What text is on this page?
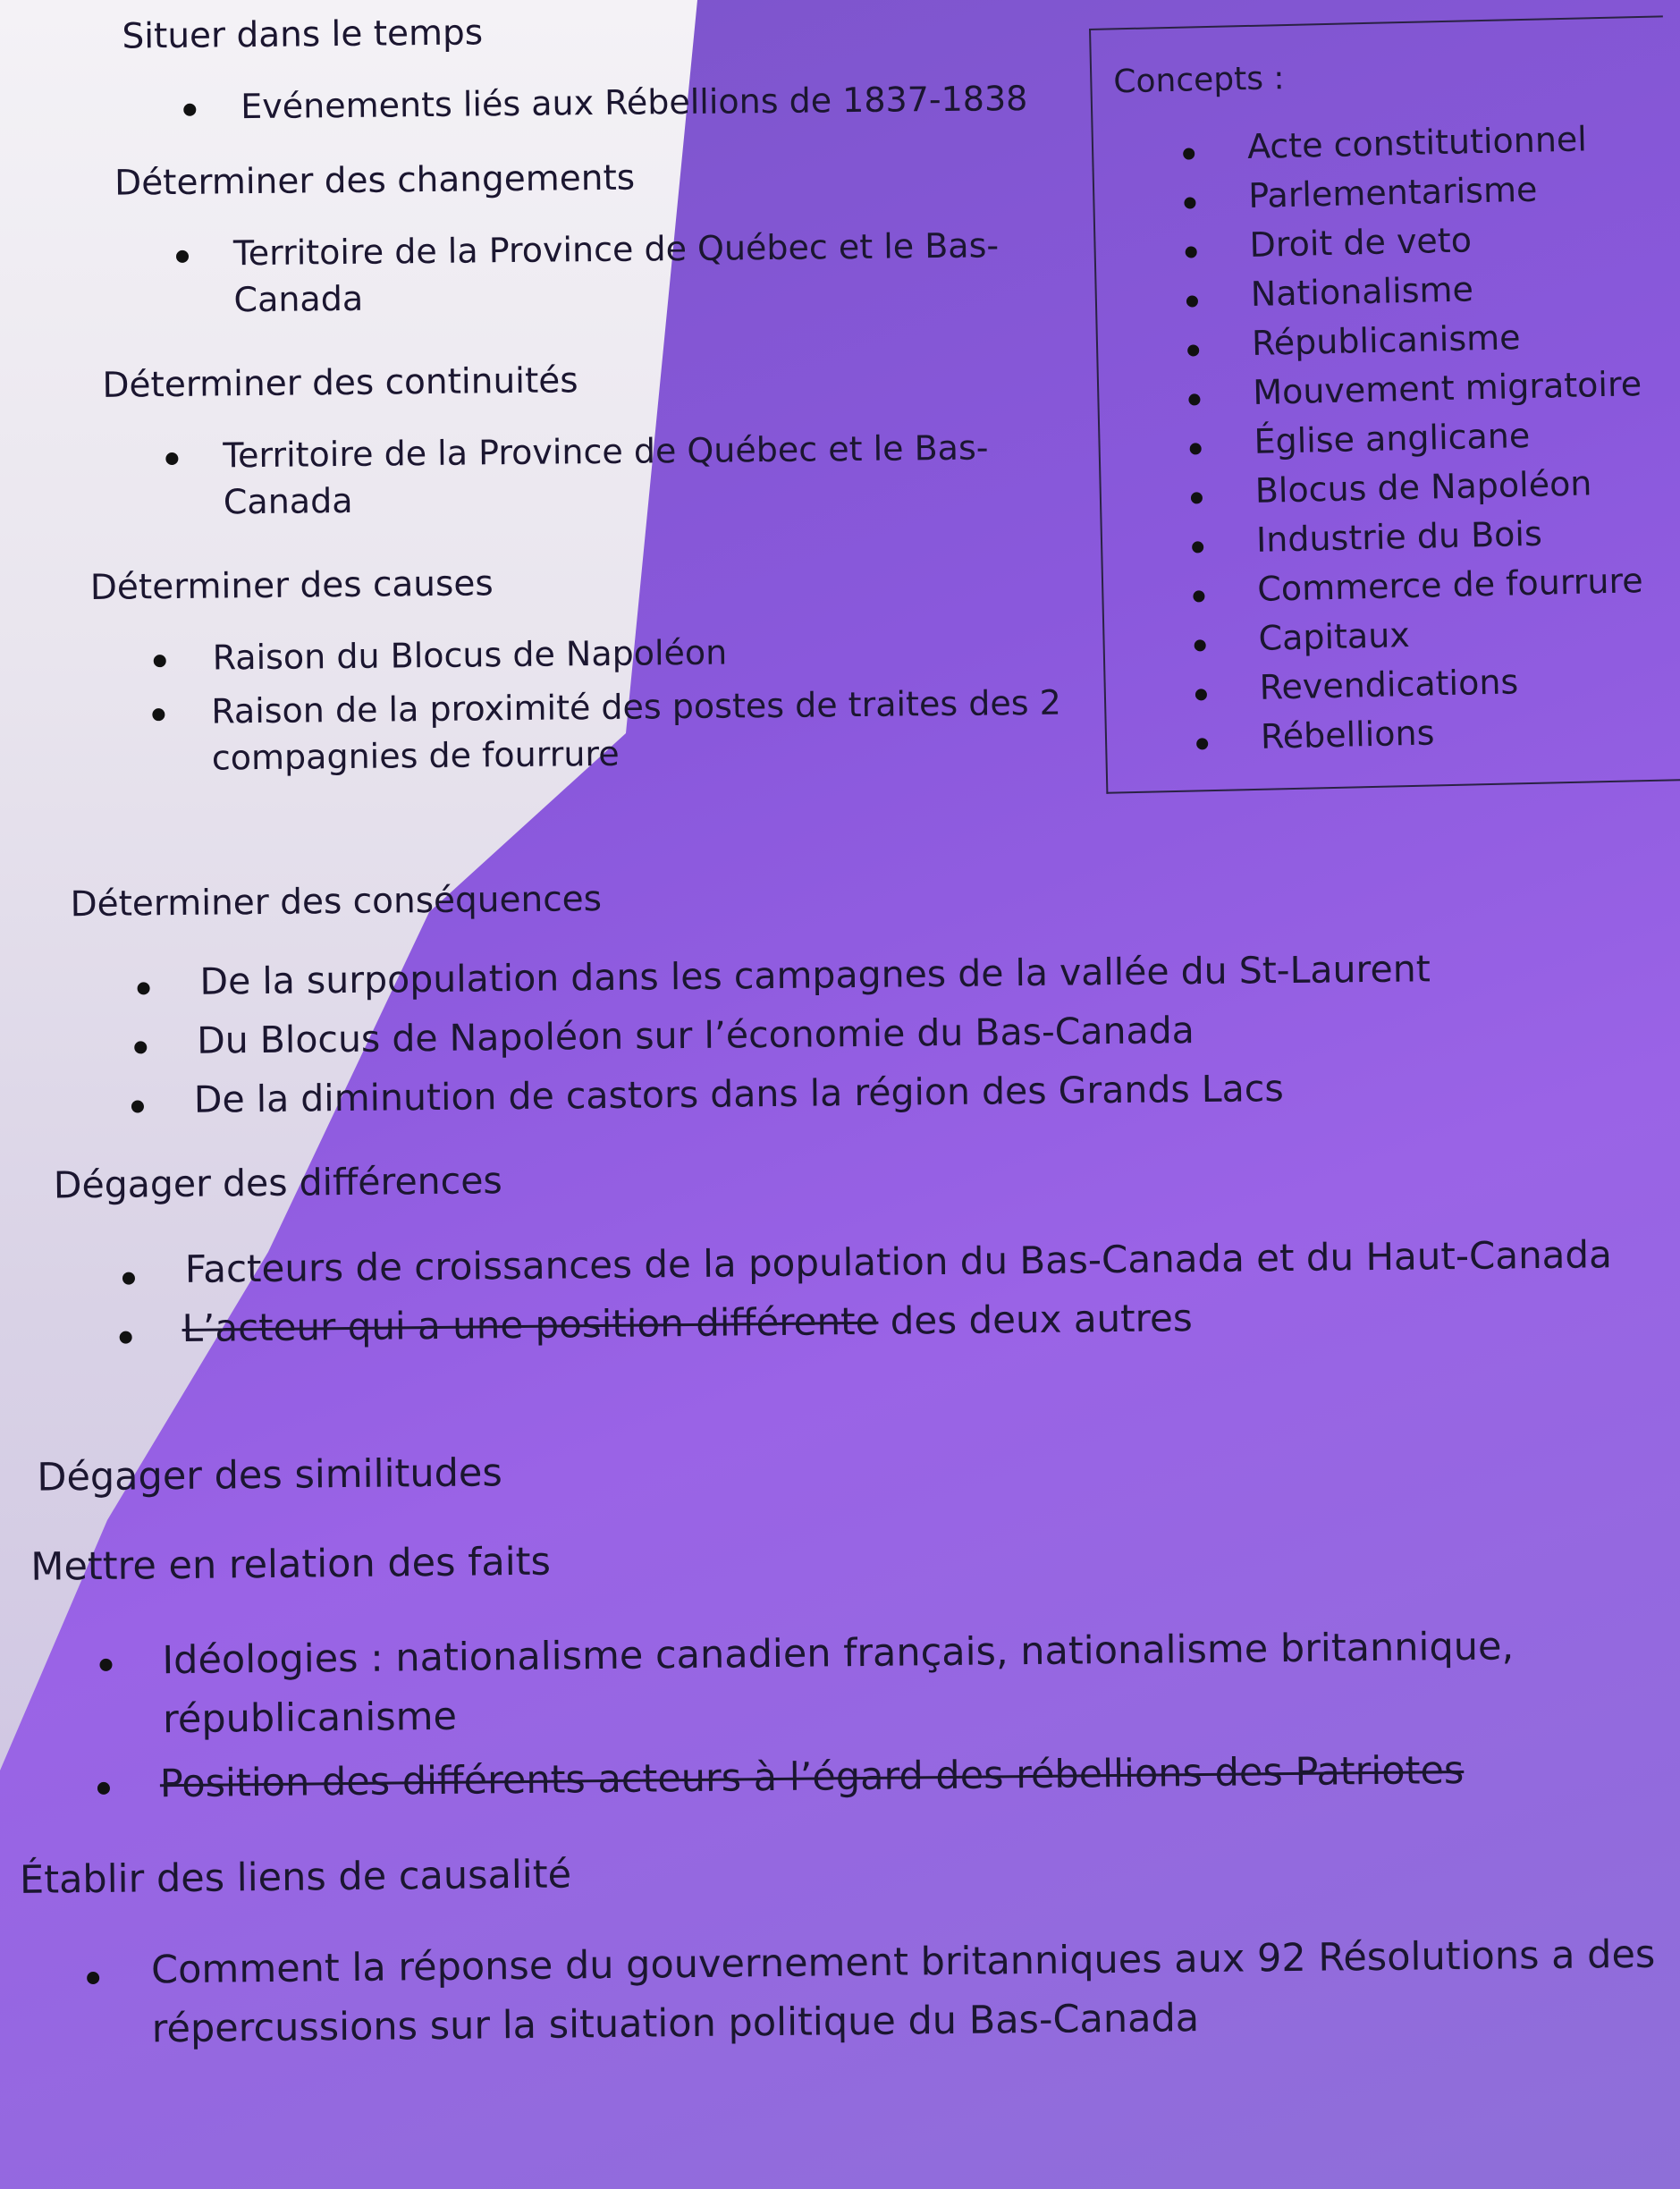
Situer dans le temps
Evénements liés aux Rébellions de 1837-1838
Déterminer des changements
Territoire de la Province de Québec et le Bas-
Canada
Déterminer des continuités
Territoire de la Province de Québec et le Bas-
Canada
Déterminer des causes
Raison du Blocus de Napoléon
Raison de la proximité des postes de traites des 2
compagnies de fourrure
Déterminer des conséquences
De la surpopulation dans les campagnes de la vallée du St-Laurent
Du Blocus de Napoléon sur l’économie du Bas-Canada
De la diminution de castors dans la région des Grands Lacs
Dégager des différences
Facteurs de croissances de la population du Bas-Canada et du Haut-Canada
L’acteur qui a une position différente des deux autres
Dégager des similitudes
Mettre en relation des faits
Idéologies : nationalisme canadien français, nationalisme britannique,
républicanisme
Position des différents acteurs à l’égard des rébellions des Patriotes
Établir des liens de causalité
Comment la réponse du gouvernement britanniques aux 92 Résolutions a des
répercussions sur la situation politique du Bas-Canada
Concepts :
Acte constitutionnel
Parlementarisme
Droit de veto
Nationalisme
Républicanisme
Mouvement migratoire
Église anglicane
Blocus de Napoléon
Industrie du Bois
Commerce de fourrure
Capitaux
Revendications
Rébellions
